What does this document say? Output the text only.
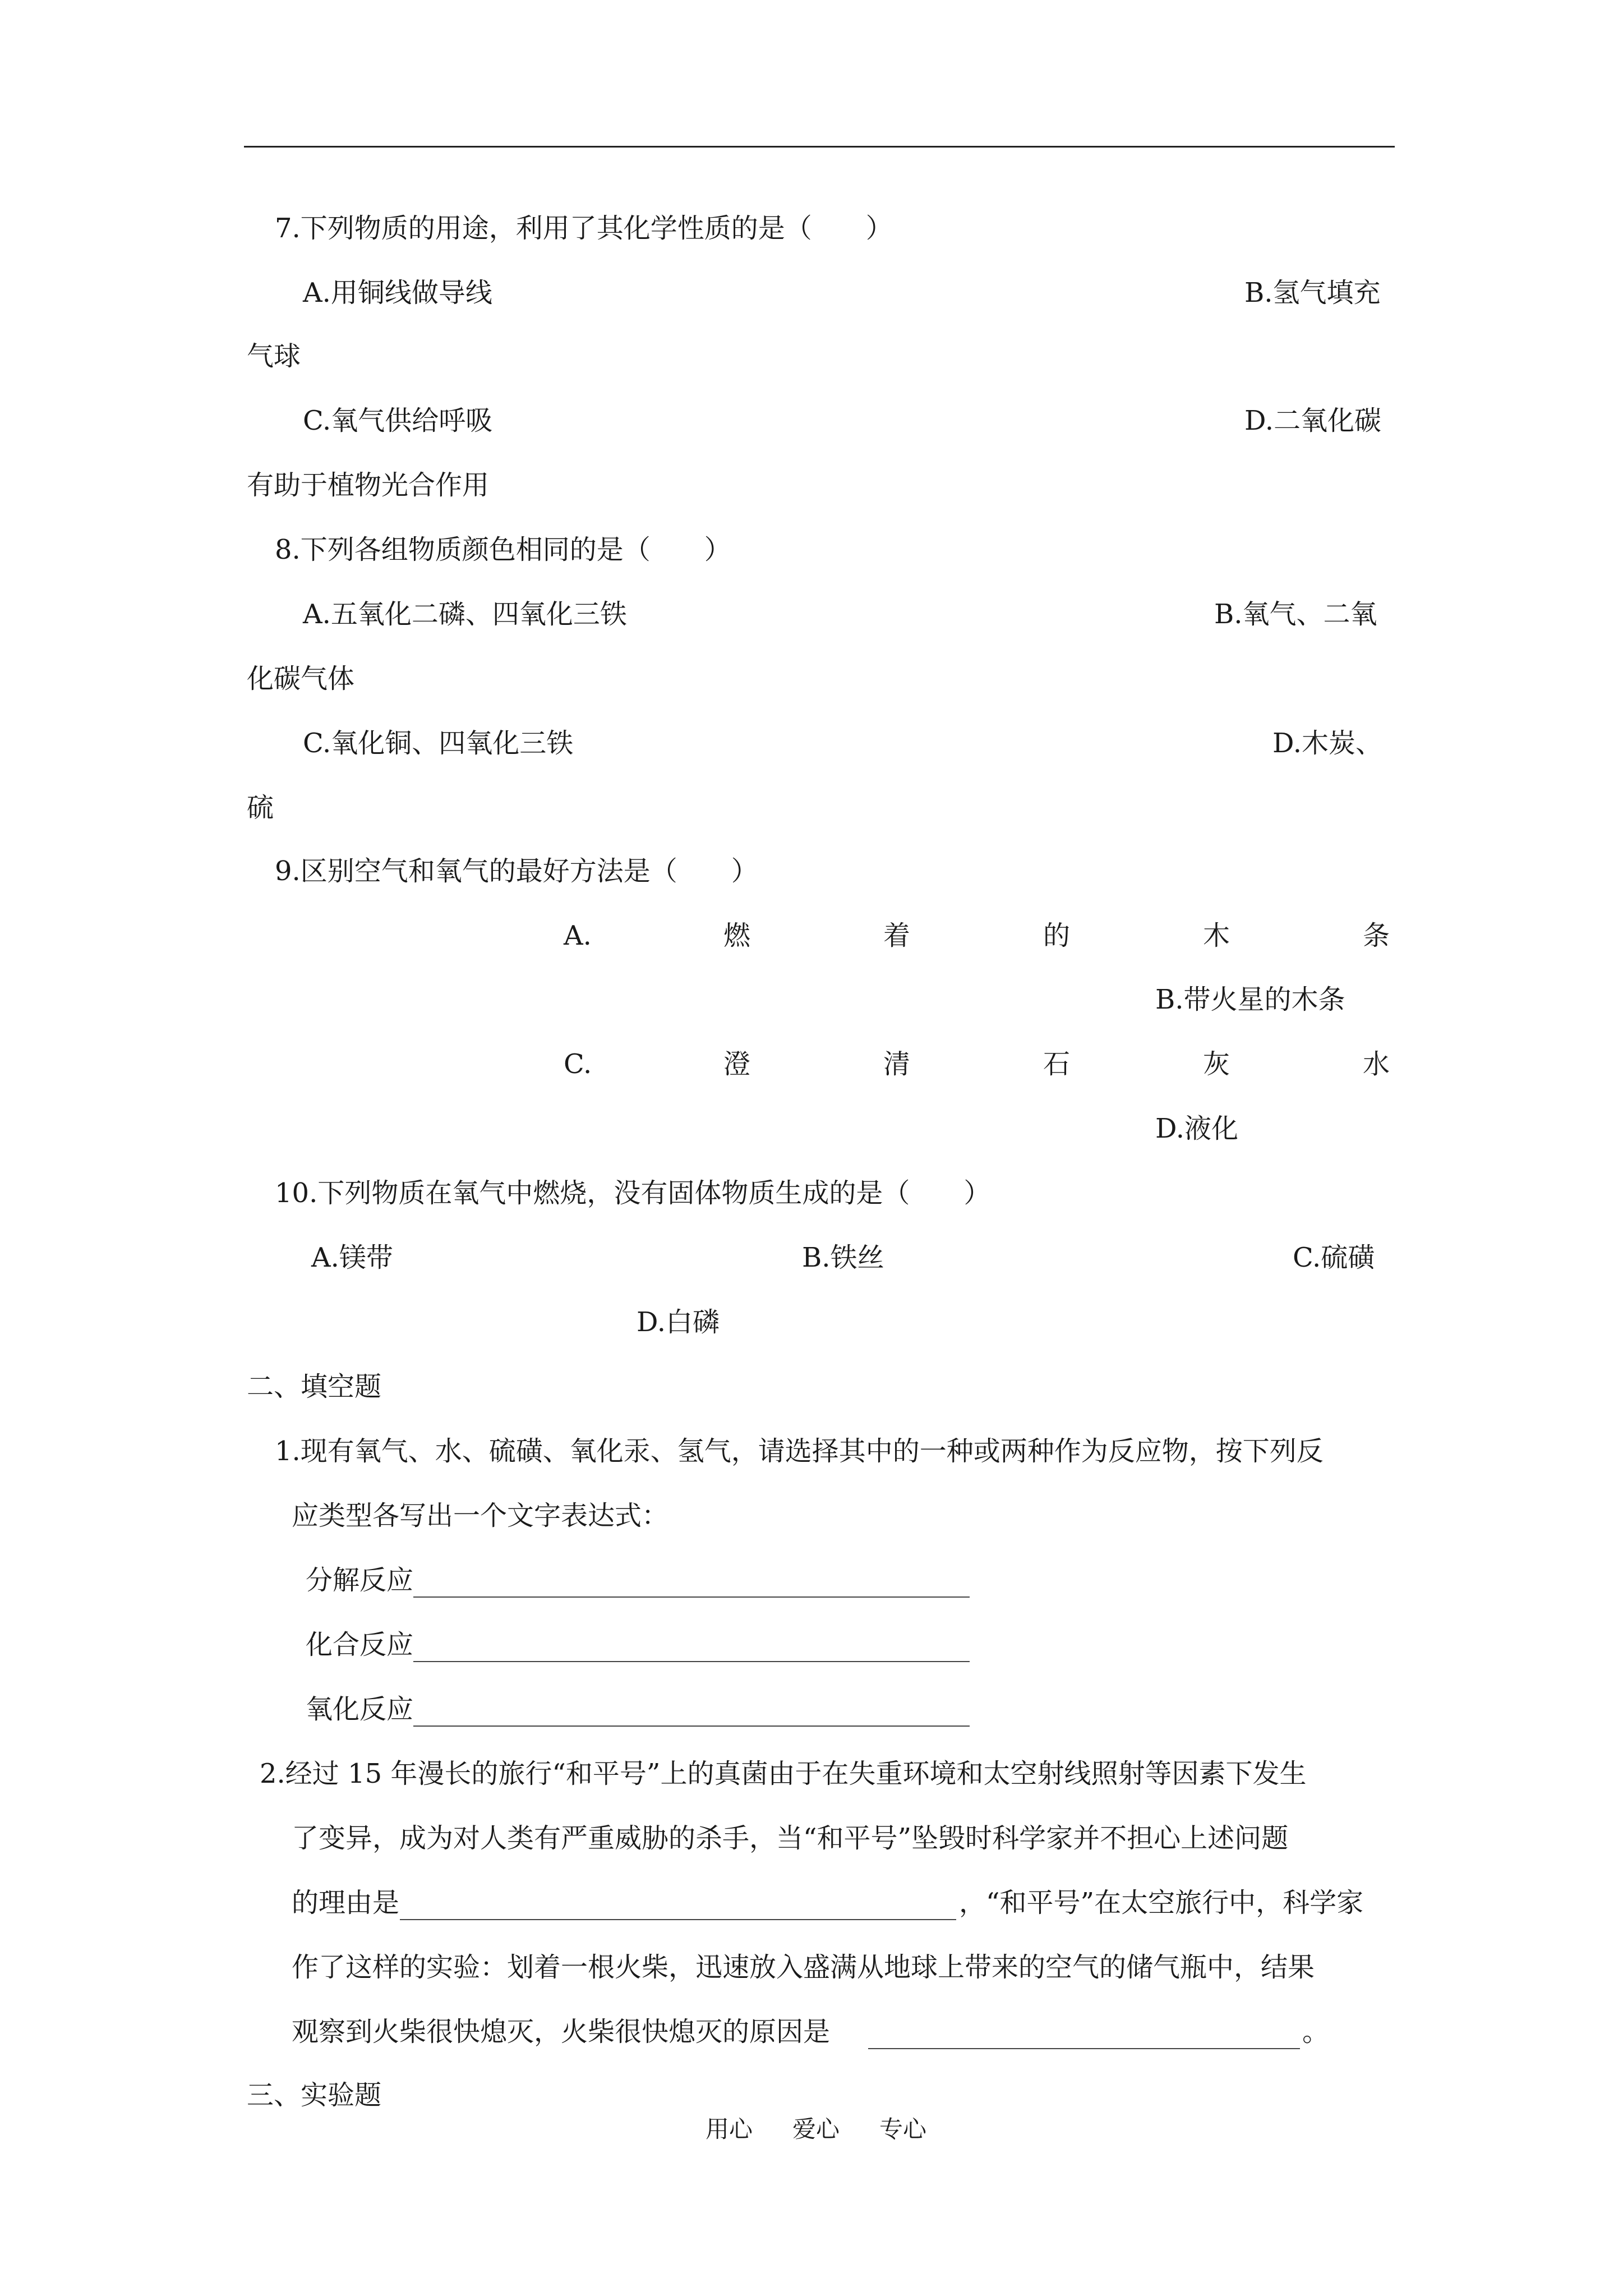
7.下列物质的用途，利用了其化学性质的是（　　）
A.用铜线做导线	B.氢气填充
气球
C.氧气供给呼吸	D.二氧化碳
有助于植物光合作用
8.下列各组物质颜色相同的是（　　）
A.五氧化二磷、四氧化三铁	B.氧气、二氧
化碳气体
C.氧化铜、四氧化三铁	D.木炭、
硫
9.区别空气和氧气的最好方法是（　　）
A.	燃	着	的	木	条
B.带火星的木条
C.	澄	清	石	灰	水
D.液化
10.下列物质在氧气中燃烧，没有固体物质生成的是（　　）
A.镁带	B.铁丝	C.硫磺
D.白磷
二、填空题
1.现有氧气、水、硫磺、氧化汞、氢气，请选择其中的一种或两种作为反应物，按下列反
应类型各写出一个文字表达式：
分解反应
化合反应
氧化反应
2.经过 15 年漫长的旅行“和平号”上的真菌由于在失重环境和太空射线照射等因素下发生
了变异，成为对人类有严重威胁的杀手，当“和平号”坠毁时科学家并不担心上述问题
的理由是	，“和平号”在太空旅行中，科学家
作了这样的实验：划着一根火柴，迅速放入盛满从地球上带来的空气的储气瓶中，结果
观察到火柴很快熄灭，火柴很快熄灭的原因是	。
三、实验题
用心 爱心 专心
